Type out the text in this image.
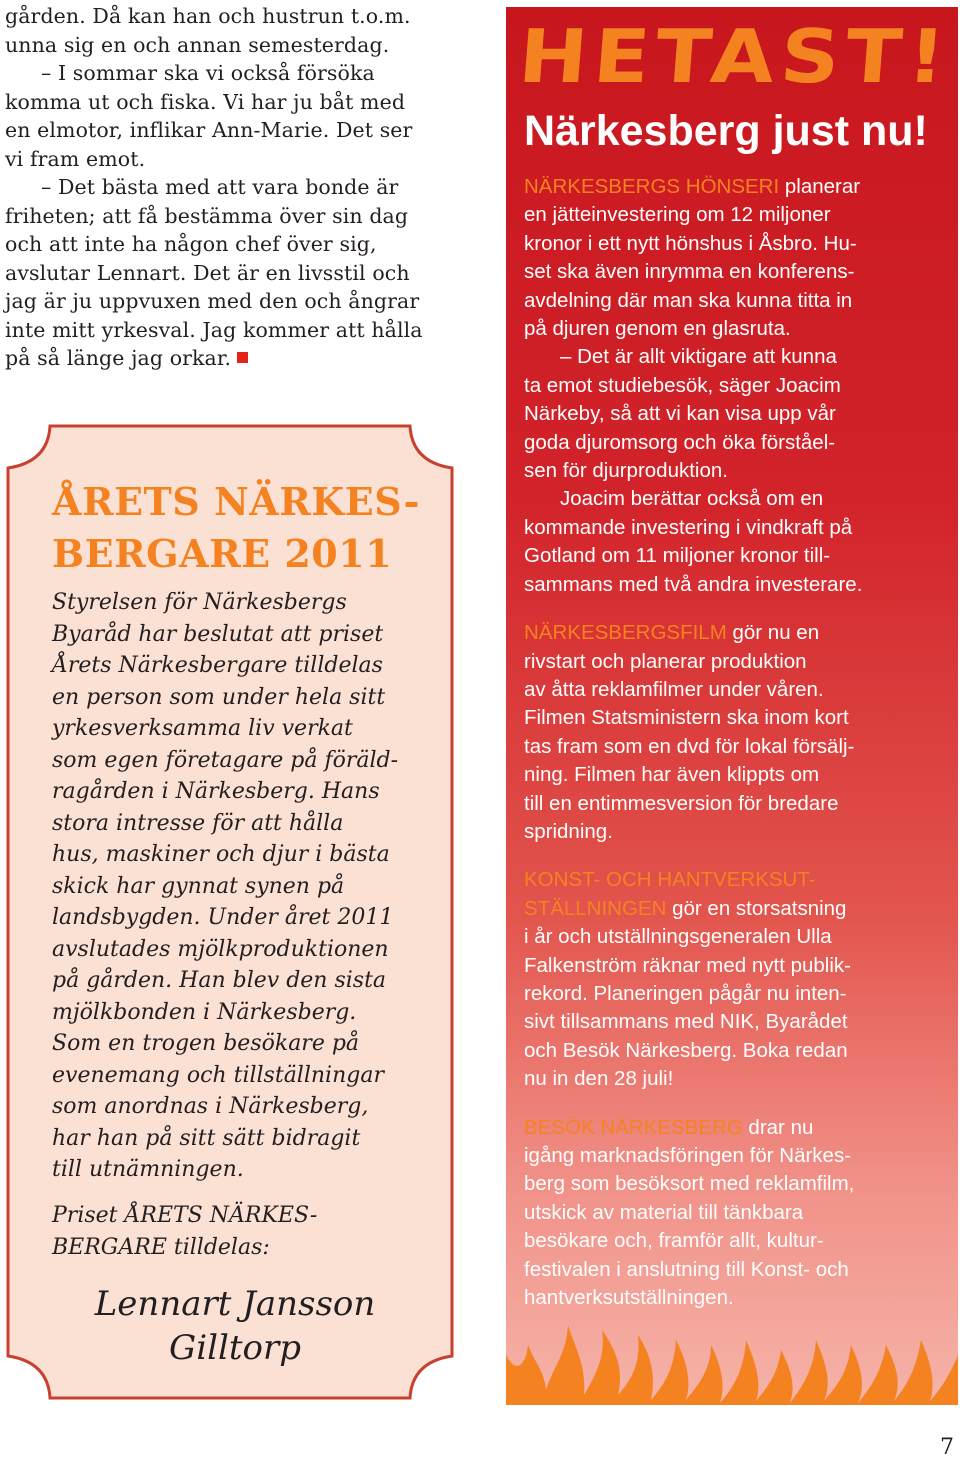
gården. Då kan han och hustrun t.o.m.

unna sig en och annan semesterdag.

– I sommar ska vi också försöka

komma ut och fiska. Vi har ju båt med

en elmotor, inflikar Ann-Marie. Det ser

vi fram emot.

– Det bästa med att vara bonde är

friheten; att få bestämma över sin dag

och att inte ha någon chef över sig,

avslutar Lennart. Det är en livsstil och

jag är ju uppvuxen med den och ångrar

inte mitt yrkesval. Jag kommer att hålla

på så länge jag orkar.

ÅRETS NÄRKES-
BERGARE 2011

Styrelsen för Närkesbergs

Byaråd har beslutat att priset

Årets Närkesbergare tilldelas

en person som under hela sitt

yrkesverksamma liv verkat

som egen företagare på föräld-

ragården i Närkesberg. Hans

stora intresse för att hålla

hus, maskiner och djur i bästa

skick har gynnat synen på

landsbygden. Under året 2011

avslutades mjölkproduktionen

på gården. Han blev den sista

mjölkbonden i Närkesberg.

Som en trogen besökare på

evenemang och tillställningar

som anordnas i Närkesberg,

har han på sitt sätt bidragit

till utnämningen.

Priset ÅRETS NÄRKES-

BERGARE tilldelas:

Lennart Jansson

Gilltorp

HETAST!
Närkesberg just nu!

NÄRKESBERGS HÖNSERI planerar

en jätteinvestering om 12 miljoner

kronor i ett nytt hönshus i Åsbro. Hu-

set ska även inrymma en konferens-

avdelning där man ska kunna titta in

på djuren genom en glasruta.

– Det är allt viktigare att kunna

ta emot studiebesök, säger Joacim

Närkeby, så att vi kan visa upp vår

goda djuromsorg och öka förståel-

sen för djurproduktion.

Joacim berättar också om en

kommande investering i vindkraft på

Gotland om 11 miljoner kronor till-

sammans med två andra investerare.

NÄRKESBERGSFILM gör nu en

rivstart och planerar produktion

av åtta reklamfilmer under våren.

Filmen Statsministern ska inom kort

tas fram som en dvd för lokal försälj-

ning. Filmen har även klippts om

till en entimmesversion för bredare

spridning.

KONST- OCH HANTVERKSUT-

STÄLLNINGEN gör en storsatsning

i år och utställningsgeneralen Ulla

Falkenström räknar med nytt publik-

rekord. Planeringen pågår nu inten-

sivt tillsammans med NIK, Byarådet

och Besök Närkesberg. Boka redan

nu in den 28 juli!

BESÖK NÄRKESBERG drar nu

igång marknadsföringen för Närkes-

berg som besöksort med reklamfilm,

utskick av material till tänkbara

besökare och, framför allt, kultur-

festivalen i anslutning till Konst- och

hantverksutställningen.

7
